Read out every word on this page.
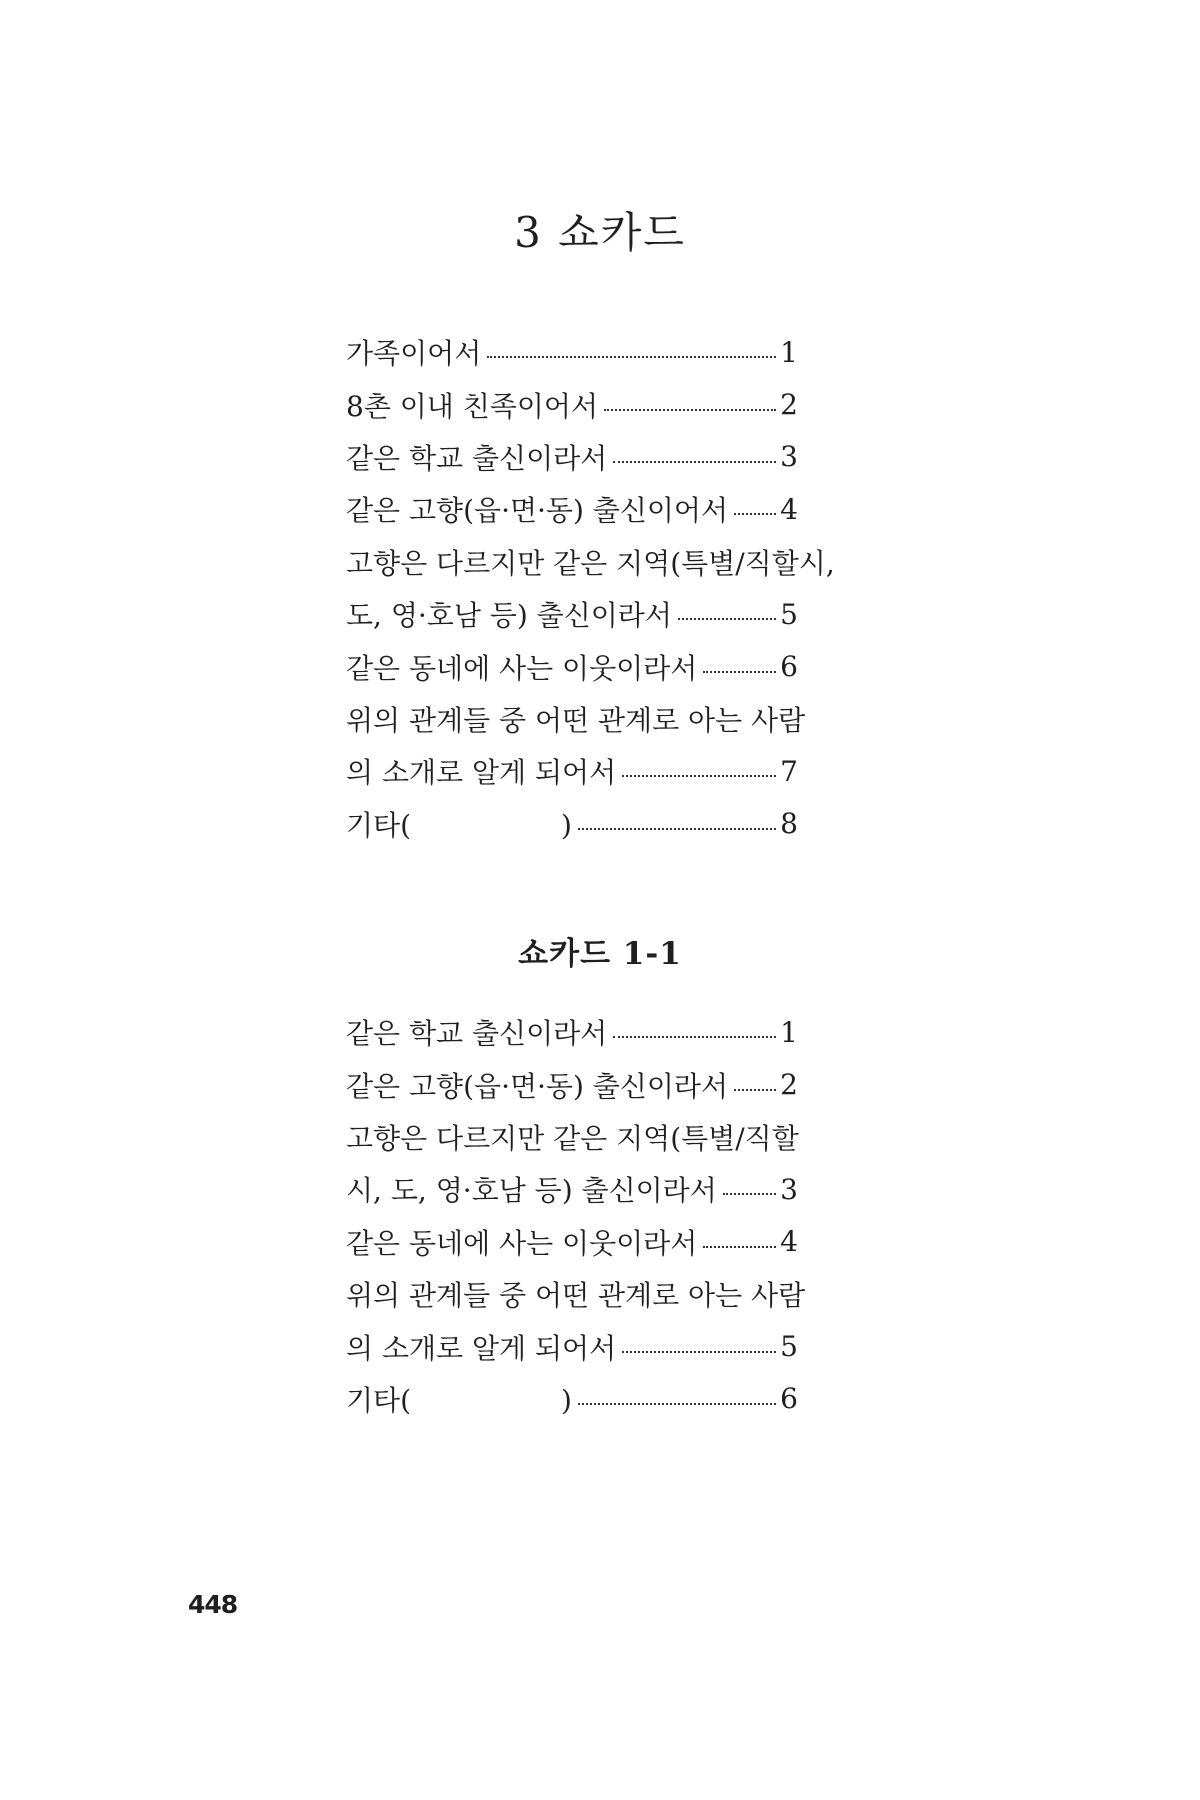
3 쇼카드
가족이어서	1
8촌 이내 친족이어서	2
같은 학교 출신이라서	3
같은 고향(읍·면·동) 출신이어서 4
고향은 다르지만 같은 지역(특별/직할시,
도, 영·호남 등) 출신이라서	5
같은 동네에 사는 이웃이라서	6
위의 관계들 중 어떤 관계로 아는 사람
의 소개로 알게 되어서	7
기타(	)	8
쇼카드 1-1
같은 학교 출신이라서	1
같은 고향(읍·면·동) 출신이라서 2
고향은 다르지만 같은 지역(특별/직할
시, 도, 영·호남 등) 출신이라서 3
같은 동네에 사는 이웃이라서	4
위의 관계들 중 어떤 관계로 아는 사람
의 소개로 알게 되어서	5
기타(	)	6
448
